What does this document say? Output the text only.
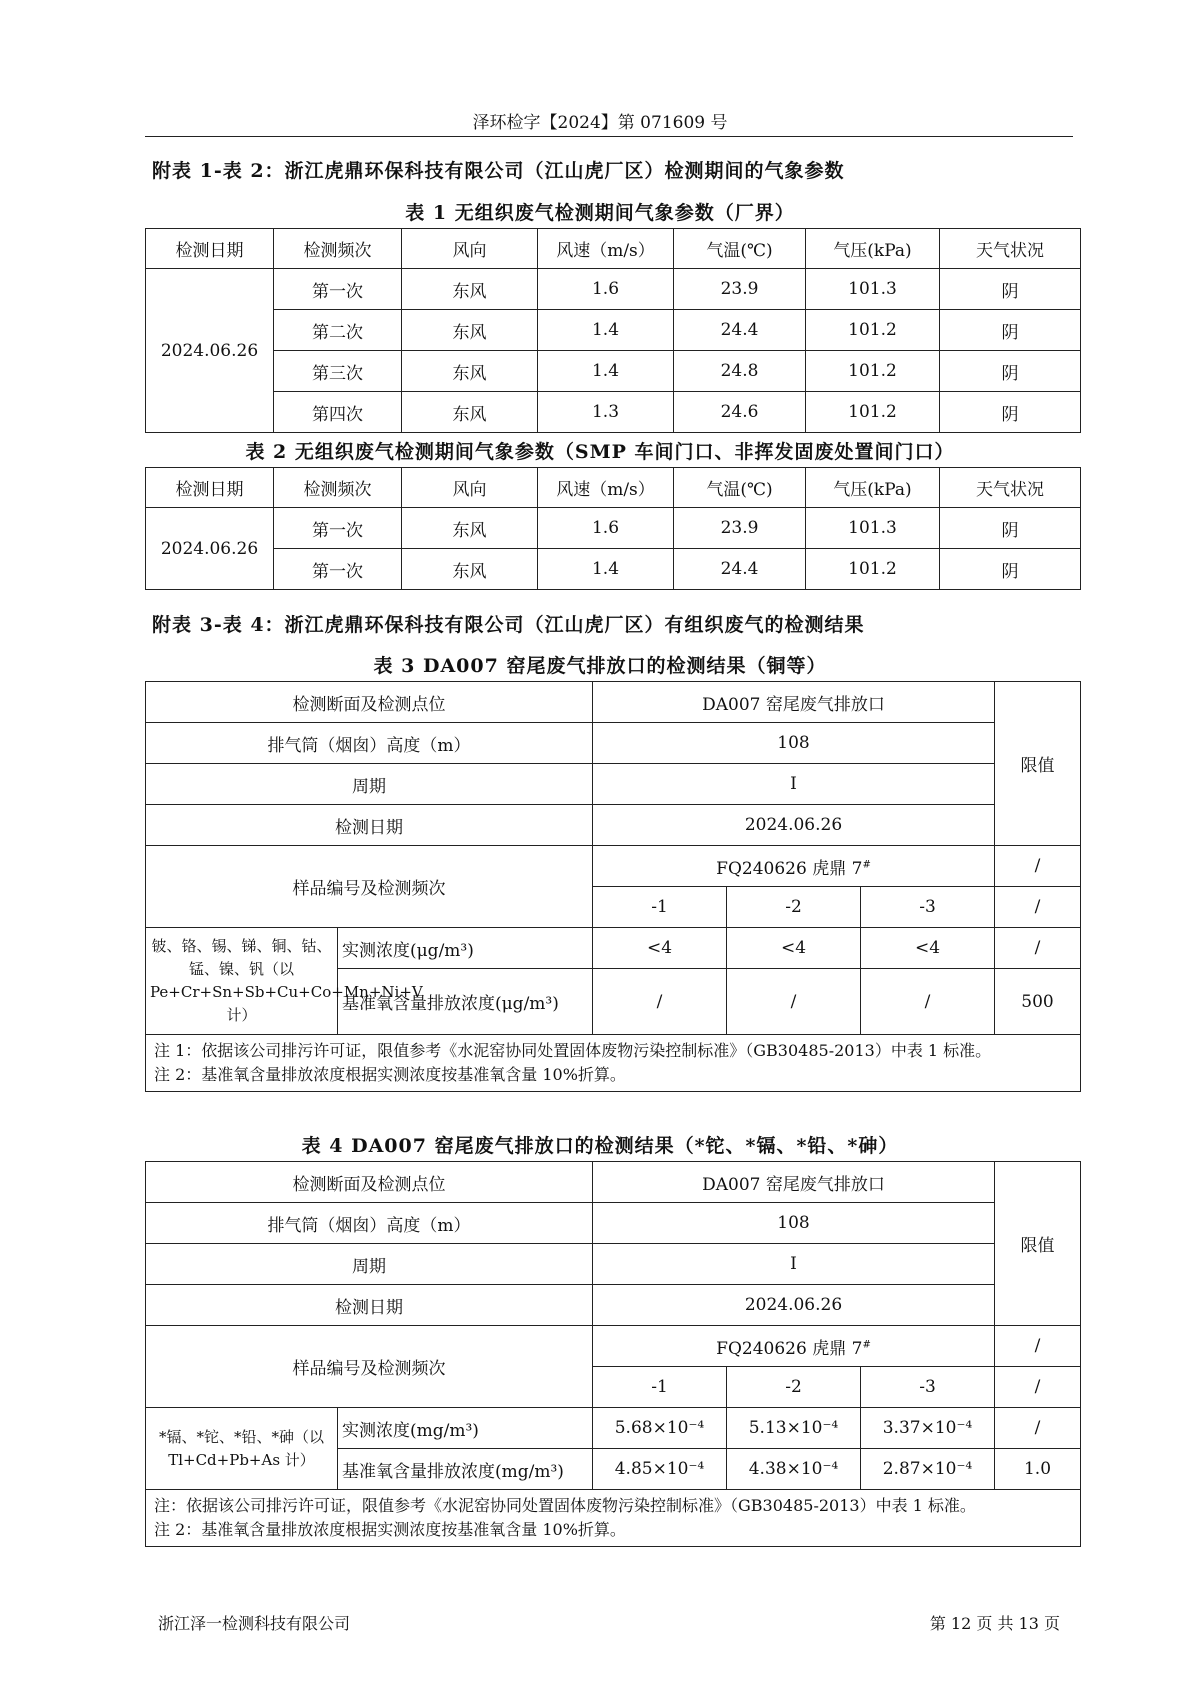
泽环检字【2024】第 071609 号
附表 1-表 2：浙江虎鼎环保科技有限公司（江山虎厂区）检测期间的气象参数
表 1 无组织废气检测期间气象参数（厂界）
检测日期	检测频次	风向	风速（m/s）	气温(℃)	气压(kPa)	天气状况
2024.06.26	第一次	东风	1.6	23.9	101.3	阴
	第二次	东风	1.4	24.4	101.2	阴
	第三次	东风	1.4	24.8	101.2	阴
	第四次	东风	1.3	24.6	101.2	阴
表 2 无组织废气检测期间气象参数（SMP 车间门口、非挥发固废处置间门口）
检测日期	检测频次	风向	风速（m/s）	气温(℃)	气压(kPa)	天气状况
2024.06.26	第一次	东风	1.6	23.9	101.3	阴
	第一次	东风	1.4	24.4	101.2	阴
附表 3-表 4：浙江虎鼎环保科技有限公司（江山虎厂区）有组织废气的检测结果
表 3 DA007 窑尾废气排放口的检测结果（铜等）
检测断面及检测点位		DA007 窑尾废气排放口			限值
排气筒（烟囱）高度（m）		108			
周期		I			
检测日期		2024.06.26			
样品编号及检测频次		FQ240626 虎鼎 7#			/
		-1	-2	-3	/
铍、铬、锡、锑、铜、钴、锰、镍、钒（以 Pe+Cr+Sn+Sb+Cu+Co+Mn+Ni+V 计）	实测浓度(μg/m³)	<4	<4	<4	/
	基准氧含量排放浓度(μg/m³)	/	/	/	500

注 1：依据该公司排污许可证，限值参考《水泥窑协同处置固体废物污染控制标准》（GB30485-2013）中表 1 标准。
注 2：基准氧含量排放浓度根据实测浓度按基准氧含量 10%折算。					
表 4 DA007 窑尾废气排放口的检测结果（*铊、*镉、*铅、*砷）
检测断面及检测点位		DA007 窑尾废气排放口			限值
排气筒（烟囱）高度（m）		108			
周期		I			
检测日期		2024.06.26			
样品编号及检测频次		FQ240626 虎鼎 7#			/
		-1	-2	-3	/
*镉、*铊、*铅、*砷（以 Tl+Cd+Pb+As 计）	实测浓度(mg/m³)	5.68×10⁻⁴	5.13×10⁻⁴	3.37×10⁻⁴	/
	基准氧含量排放浓度(mg/m³)	4.85×10⁻⁴	4.38×10⁻⁴	2.87×10⁻⁴	1.0

注：依据该公司排污许可证，限值参考《水泥窑协同处置固体废物污染控制标准》（GB30485-2013）中表 1 标准。
注 2：基准氧含量排放浓度根据实测浓度按基准氧含量 10%折算。					
浙江泽一检测科技有限公司	第 12 页 共 13 页
